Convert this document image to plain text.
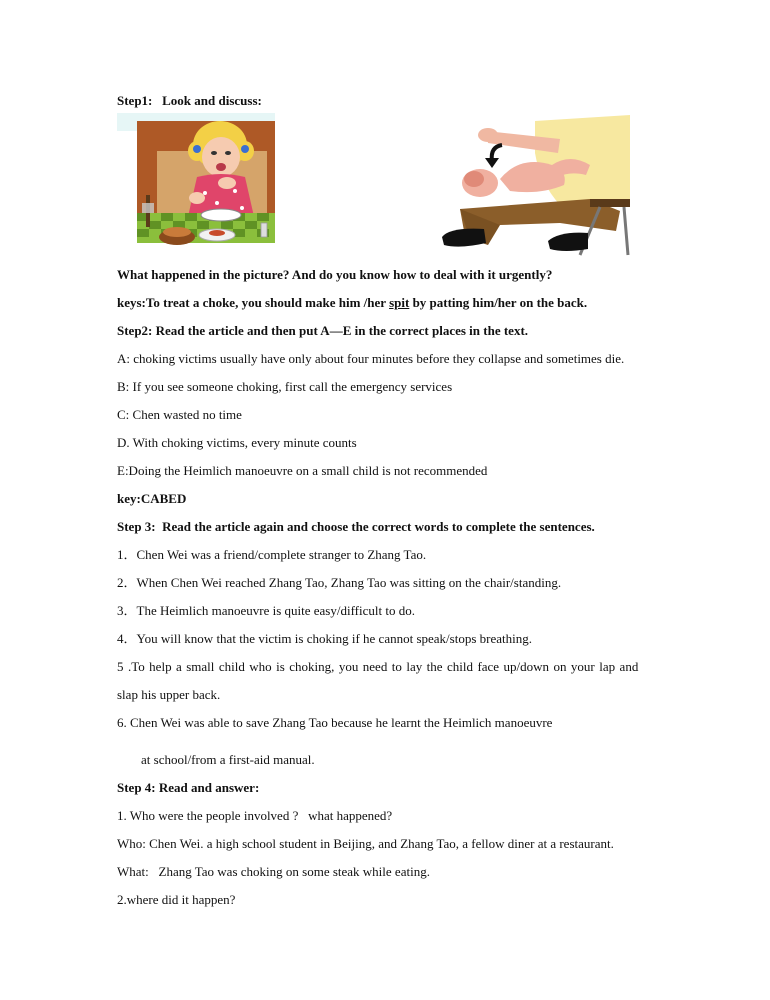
Step1:   Look and discuss:
What happened in the picture? And do you know how to deal with it urgently?
keys:To treat a choke, you should make him /her spit by patting him/her on the back.
Step2: Read the article and then put A—E in the correct places in the text.
A: choking victims usually have only about four minutes before they collapse and sometimes die.
B: If you see someone choking, first call the emergency services
C: Chen wasted no time
D. With choking victims, every minute counts
E:Doing the Heimlich manoeuvre on a small child is not recommended
key:CABED
Step 3:  Read the article again and choose the correct words to complete the sentences.
1．Chen Wei was a friend/complete stranger to Zhang Tao.
2．When Chen Wei reached Zhang Tao, Zhang Tao was sitting on the chair/standing.
3．The Heimlich manoeuvre is quite easy/difficult to do.
4．You will know that the victim is choking if he cannot speak/stops breathing.
5 .To help a small child who is choking, you need to lay the child face up/down on your lap and
slap his upper back.
6. Chen Wei was able to save Zhang Tao because he learnt the Heimlich manoeuvre
at school/from a first-aid manual.
Step 4: Read and answer:
1. Who were the people involved ?   what happened?
Who: Chen Wei. a high school student in Beijing, and Zhang Tao, a fellow diner at a restaurant.
What:   Zhang Tao was choking on some steak while eating.
2.where did it happen?
